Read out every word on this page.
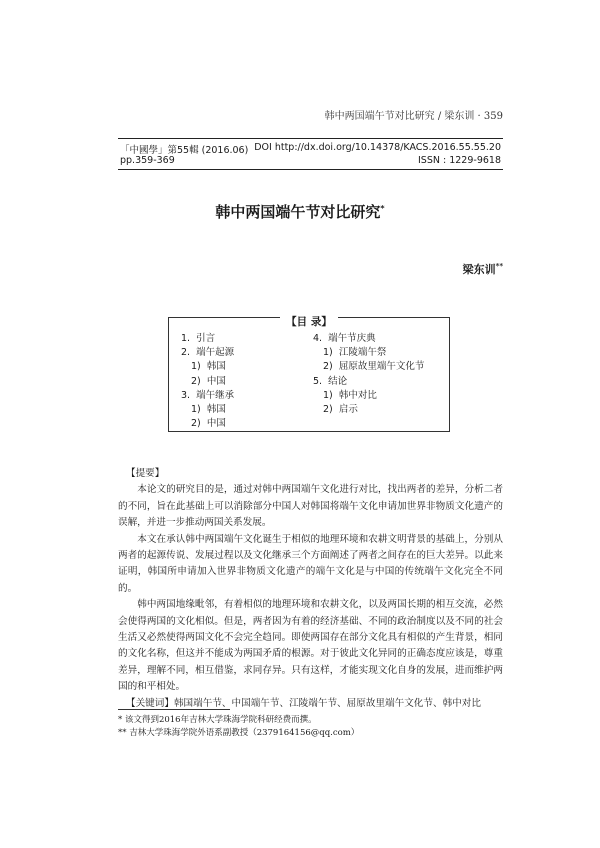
韩中两国端午节对比研究 / 梁东训 · 359
「中國學」第55輯 (2016.06) DOI http://dx.doi.org/10.14378/KACS.2016.55.55.20
pp.359-369	ISSN : 1229-9618
韩中两国端午节对比研究*
梁东训**
【目 录】
1. 引言
2. 端午起源
1) 韩国
2) 中国
3. 端午继承
1) 韩国
2) 中国
4. 端午节庆典
1) 江陵端午祭
2) 屈原故里端午文化节
5. 结论
1) 韩中对比
2) 启示

【提要】

本论文的研究目的是，通过对韩中两国端午文化进行对比，找出两者的差异，分析二者的不同，旨在此基础上可以消除部分中国人对韩国将端午文化申请加世界非物质文化遗产的误解，并进一步推动两国关系发展。

本文在承认韩中两国端午文化诞生于相似的地理环境和农耕文明背景的基础上，分别从两者的起源传说、发展过程以及文化继承三个方面阐述了两者之间存在的巨大差异。以此来证明，韩国所申请加入世界非物质文化遗产的端午文化是与中国的传统端午文化完全不同的。

韩中两国地缘毗邻，有着相似的地理环境和农耕文化，以及两国长期的相互交流，必然会使得两国的文化相似。但是，两者因为有着的经济基础、不同的政治制度以及不同的社会生活又必然使得两国文化不会完全趋同。即使两国存在部分文化具有相似的产生背景，相同的文化名称，但这并不能成为两国矛盾的根源。对于彼此文化异同的正确态度应该是，尊重差异，理解不同，相互借鉴，求同存异。只有这样，才能实现文化自身的发展，进而维护两国的和平相处。

【关键词】韩国端午节、中国端午节、江陵端午节、屈原故里端午文化节、韩中对比

* 该文得到2016年吉林大学珠海学院科研经费而撰。
** 吉林大学珠海学院外语系副教授（2379164156@qq.com）
